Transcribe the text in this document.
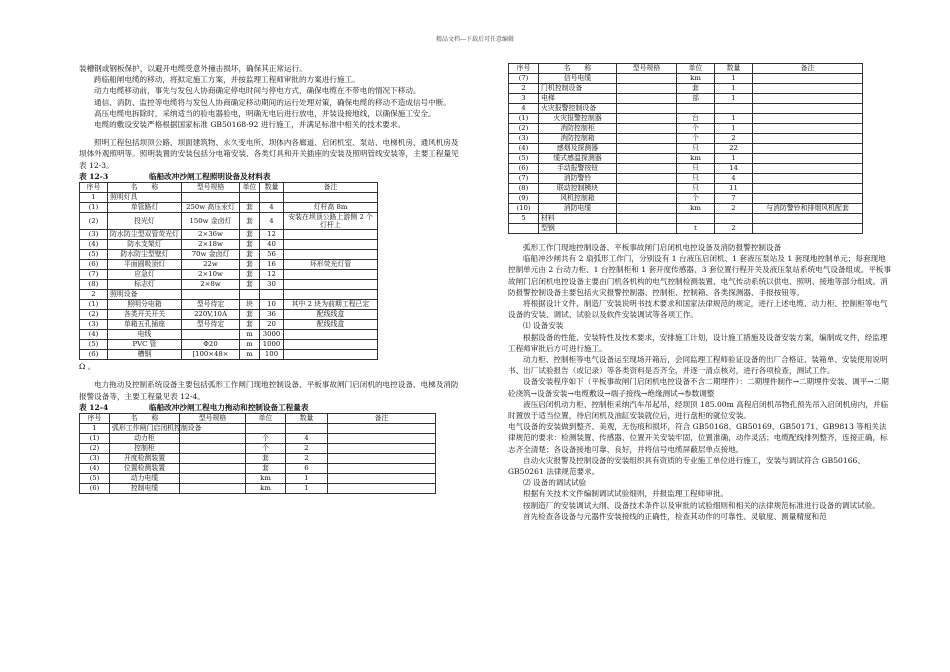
精品文档---下载后可任意编辑

装槽钢或钢板保护，以避开电缆受意外撞击损坏，确保其正常运行。

跨临船闸电缆的移动，将拟定施工方案，并按监理工程师审批的方案进行施工。

动力电缆移动前，事先与发包人协商确定停电时间与停电方式，确保电缆在不带电的情况下移动。

通信、消防、监控等电缆将与发包人协商确定移动期间的运行处理对策，确保电缆的移动不造成信号中断。

高压电缆电拆除时，采纳适当的验电器验电，明确无电后进行放电，并装设接地线，以确保施工安全。

电缆的敷设安装严格根据国家标准 GB50168-92 进行施工，并满足标准中相关的技术要求。

照明工程包括坝顶公路、坝面建筑物、永久变电所、坝体内各廊道、启闭机室、泵站、电梯机房、通风机房及坝体外观照明等。照明装置的安装包括分电箱安装、各类灯具和开关插座的安装及照明管线安装等，主要工程量见表 12-3。

表 12-3	临船改冲沙闸工程照明设备及材料表

序号	名　　称	型号规格	单位	数量	备注
1	照明灯具				
(1)	单管路灯	250w 高压汞灯	套	4	灯杆高 8m
(2)	投光灯	150w 金卤灯	套	4	安装在坝顶公路上游侧 2 个灯杆上
(3)	防水防尘型双管荧光灯	2×36w	套	12	
(4)	防水支架灯	2×18w	套	40	
(5)	防水防尘型壁灯	70w 金卤灯	套	56	
(6)	平面圆吸顶灯	22w	套	16	环形荧光灯管
(7)	应急灯	2×10w	套	12	
(8)	标志灯	2×8w	套	30	
2	照明设备				
(1)	照明分电箱	型号待定	块	10	其中 2 块为前期工程已定
(2)	各类开关开关	220V,10A	套	36	配线线盒
(3)	单箱五孔插座	型号待定	套	20	配线线盒
(4)	电线		m	3000	
(5)	PVC 管	Φ20	m	1000	
(6)	槽钢	[100×48×	m	100	

Ω 。

电力拖动及控制系统设备主要包括弧形工作闸门现地控制设备、平板事故闸门启闭机的电控设备、电梯及消防报警设备等，主要工程量见表 12-4。

表 12-4	临船改冲沙闸工程电力拖动和控制设备工程量表

序号	名　　称	型号规格	单位	数量	备注
1	弧形工作闸门启闭机控制设备				
(1)	动力柜		个	4	
(2)	控制柜		个	2	
(3)	开度检测装置		套	2	
(4)	位置检测装置		套	6	
(5)	动力电缆		km	1	
(6)	控制电缆		km	1	
序号	名　　称	型号规格	单位	数量	备注
(7)	信号电缆		km	1	
2	门机控制设备		套	1	
3	电梯		部	1	
4	火灾报警控制设备				
(1)	火灾报警控制器		台	1	
(2)	消防控制柜		个	1	
(3)	消防控制箱		个	2	
(4)	感烟及探测器		只	22	
(5)	缆式感温探测器		km	1	
(6)	手动报警按钮		只	14	
(7)	消防警铃		只	4	
(8)	联动控制模块		只	11	
(9)	风机控制箱		个	7	
(10)	消防电缆		km	2	与消防警铃和排烟风机配套
5	材料				
	型钢		t	2	

弧形工作门现地控制设备、平板事故闸门启闭机电控设备及消防报警控制设备

临船冲沙闸共有 2 扇弧形工作门，分别设有 1 台液压启闭机、1 套液压泵站及 1 套现地控制单元；每套现地控制单元由 2 台动力柜、1 台控制柜和 1 套开度传感器、3 套位置行程开关及液压泵站系统电气设备组成。平板事故闸门启闭机电控设备主要由门机各机构的电气控制检测装置、电气传动系统以供电、照明、接地等部分组成。消防报警控制设备主要包括火灾报警控制器、控制柜、控制箱、各类探测器、手报按钮等。

将根据设计文件、制造厂安装说明书技术要求和国家法律规范的规定，进行上述电缆、动力柜、控制柜等电气设备的安装、调试、试验以及软件安装调试等各项工作。

⑴ 设备安装

根据设备的性能、安装特性及技术要求，安排施工计划，设计施工措施及设备安装方案，编制成文件，经监理工程师审批后方可进行施工。

动力柜、控制柜等电气设备运至现场开箱后，会同监理工程师验证设备的出厂合格证、装箱单、安装使用说明书、出厂试验报告（或记录）等各类资料是否齐全，并逐一清点核对，进行各项检查，测试工作。

设备安装程序如下（平板事故闸门启闭机电控设备不含二期埋件）：二期埋件制作→二期埋件安装、调平→二期砼浇筑→设备安装→电缆敷设→端子接线→绝缘测试→参数调整

液压启闭机动力柜、控制柜采纳汽车吊起吊，经坝顶 185.00m 高程启闭机吊物孔预先吊入启闭机房内，并临时置放于适当位置，待启闭机及油缸安装就位后，进行盘柜的就位安装。

电气设备的安装做到整齐、美观，无伤痕和损坏，符合 GB50168、GB50169、GB50171、GB9813 等相关法律规范的要求：检测装置、传感器、位置开关安装牢固，位置准确，动作灵活；电缆配线排列整齐，连接正确，标志齐全清楚；各设备接地可靠、良好，并将信号电缆屏蔽层单点接地。

自动火灾报警及控制设备的安装组织具有资质的专业施工单位进行施工，安装与调试符合 GB50166、GB50261 法律规范要求。

⑵ 设备的调试试验

根据有关技术文件编制调试试验细则，并报监理工程师审批。

按制造厂的安装调试大纲、设备技术条件以及审批的试验细则和相关的法律规范标准进行设备的调试试验。

首先检查各设备与元器件安装接线的正确性，检查其动作的可靠性、灵敏度、测量精度和范
